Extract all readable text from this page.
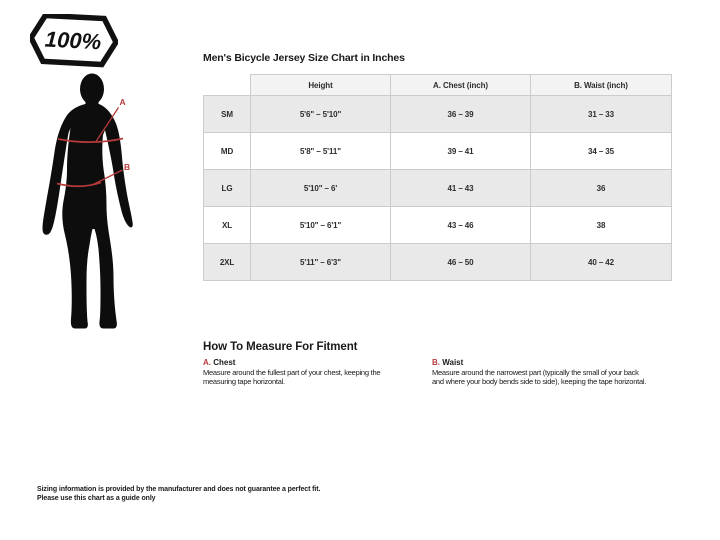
100%
A
B
Men's Bicycle Jersey Size Chart in Inches
	Height	A. Chest (inch)	B. Waist (inch)
SM	5'6" – 5'10"	36 – 39	31 – 33
MD	5'8" – 5'11"	39 – 41	34 – 35
LG	5'10" – 6'	41 – 43	36
XL	5'10" – 6'1"	43 – 46	38
2XL	5'11" – 6'3"	46 – 50	40 – 42
How To Measure For Fitment
A. Chest

Measure around the fullest part of your chest, keeping the measuring tape horizontal.

B. Waist

Measure around the narrowest part (typically the small of your back and where your body bends side to side), keeping the tape horizontal.

Sizing information is provided by the manufacturer and does not guarantee a perfect fit.
Please use this chart as a guide only
